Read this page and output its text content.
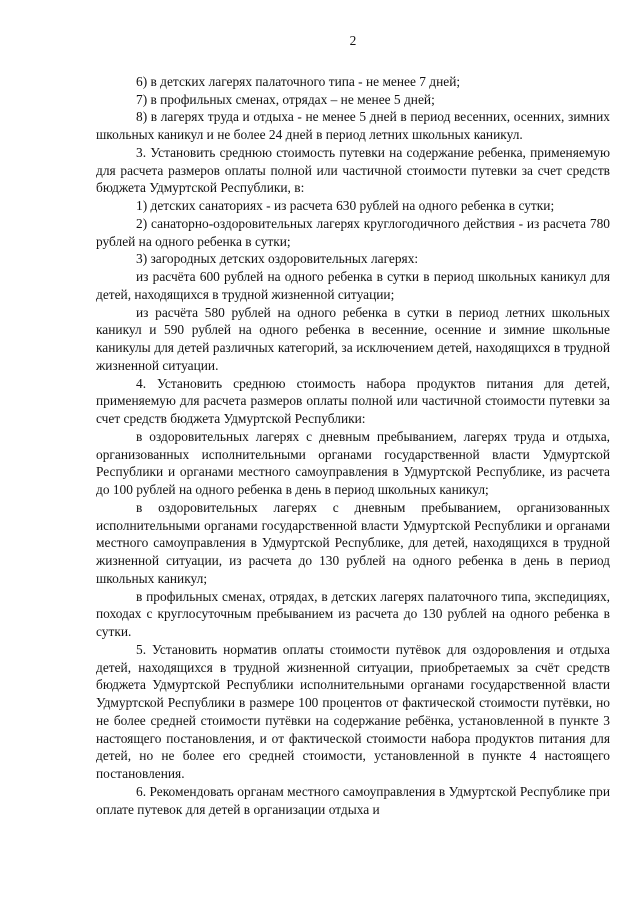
2

6) в детских лагерях палаточного типа - не менее 7 дней;

7) в профильных сменах, отрядах – не менее 5 дней;

8) в лагерях труда и отдыха - не менее 5 дней в период весенних, осенних, зимних школьных каникул и не более 24 дней в период летних школьных каникул.

3. Установить среднюю стоимость путевки на содержание ребенка, применяемую для расчета размеров оплаты полной или частичной стоимости путевки за счет средств бюджета Удмуртской Республики, в:

1) детских санаториях - из расчета 630 рублей на одного ребенка в сутки;

2) санаторно-оздоровительных лагерях круглогодичного действия - из расчета 780 рублей на одного ребенка в сутки;

3) загородных детских оздоровительных лагерях:

из расчёта 600 рублей на одного ребенка в сутки в период школьных каникул для детей, находящихся в трудной жизненной ситуации;

из расчёта 580 рублей на одного ребенка в сутки в период летних школьных каникул и 590 рублей на одного ребенка в весенние, осенние и зимние школьные каникулы для детей различных категорий, за исключением детей, находящихся в трудной жизненной ситуации.

4. Установить среднюю стоимость набора продуктов питания для детей, применяемую для расчета размеров оплаты полной или частичной стоимости путевки за счет средств бюджета Удмуртской Республики:

в оздоровительных лагерях с дневным пребыванием, лагерях труда и отдыха, организованных исполнительными органами государственной власти Удмуртской Республики и органами местного самоуправления в Удмуртской Республике, из расчета до 100 рублей на одного ребенка в день в период школьных каникул;

в оздоровительных лагерях с дневным пребыванием, организованных исполнительными органами государственной власти Удмуртской Республики и органами местного самоуправления в Удмуртской Республике, для детей, находящихся в трудной жизненной ситуации, из расчета до 130 рублей на одного ребенка в день в период школьных каникул;

в профильных сменах, отрядах, в детских лагерях палаточного типа, экспедициях, походах с круглосуточным пребыванием из расчета до 130 рублей на одного ребенка в сутки.

5. Установить норматив оплаты стоимости путёвок для оздоровления и отдыха детей, находящихся в трудной жизненной ситуации, приобретаемых за счёт средств бюджета Удмуртской Республики исполнительными органами государственной власти Удмуртской Республики в размере 100 процентов от фактической стоимости путёвки, но не более средней стоимости путёвки на содержание ребёнка, установленной в пункте 3 настоящего постановления, и от фактической стоимости набора продуктов питания для детей, но не более его средней стоимости, установленной в пункте 4 настоящего постановления.

6. Рекомендовать органам местного самоуправления в Удмуртской Республике при оплате путевок для детей в организации отдыха и
